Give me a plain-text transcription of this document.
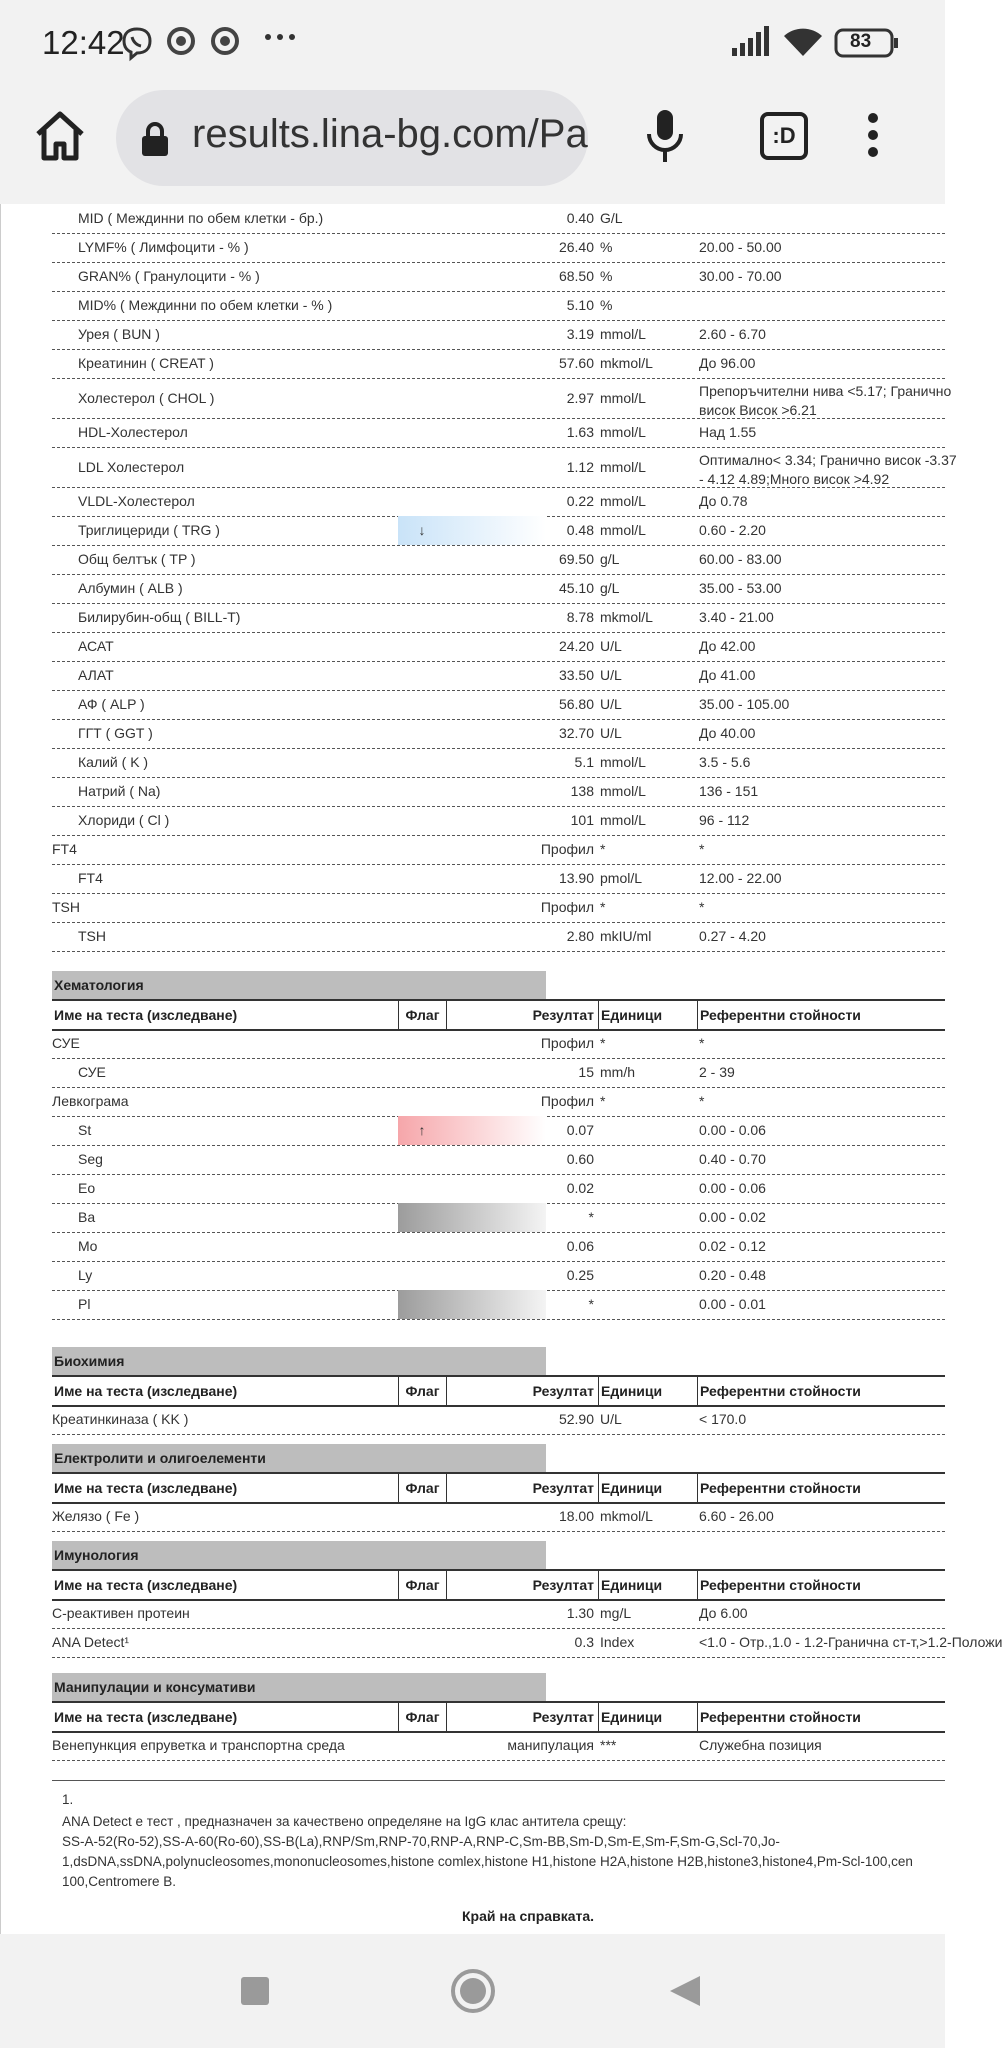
12:42	83
results.lina-bg.com/Pa	:D
MID ( Междинни по обем клетки - бр.)	0.40 G/L
LYMF% ( Лимфоцити - % )	26.40 %	20.00 - 50.00
GRAN% ( Гранулоцити - % )	68.50 %	30.00 - 70.00
MID% ( Междинни по обем клетки - % )	5.10 %
Урея ( BUN )	3.19 mmol/L	2.60 - 6.70
Креатинин ( CREAT )	57.60 mkmol/L	До 96.00
Холестерол ( CHOL )	2.97 mmol/L	Препоръчителни нива <5.17; Гранично висок Висок >6.21
HDL-Холестерол	1.63 mmol/L	Над 1.55
LDL Холестерол	1.12 mmol/L	Оптимално< 3.34; Гранично висок -3.37 - 4.12 4.89;Много висок >4.92
VLDL-Холестерол	0.22 mmol/L	До 0.78
Триглицериди ( TRG )	↓	0.48 mmol/L	0.60 - 2.20
Общ белтък ( TP )	69.50 g/L	60.00 - 83.00
Албумин ( ALB )	45.10 g/L	35.00 - 53.00
Билирубин-общ ( BILL-T)	8.78 mkmol/L	3.40 - 21.00
АСАТ	24.20 U/L	До 42.00
АЛАТ	33.50 U/L	До 41.00
АФ ( ALP )	56.80 U/L	35.00 - 105.00
ГГТ ( GGT )	32.70 U/L	До 40.00
Калий ( K )	5.1 mmol/L	3.5 - 5.6
Натрий ( Na)	138 mmol/L	136 - 151
Хлориди ( Cl )	101 mmol/L	96 - 112
FT4	Профил *	*
FT4	13.90 pmol/L	12.00 - 22.00
TSH	Профил *	*
TSH	2.80 mkIU/ml	0.27 - 4.20
Хематология
Име на теста (изследване)	Флаг	Резултат Единици	Референтни стойности
СУЕ	Профил *	*
СУЕ	15 mm/h	2 - 39
Левкограма	Профил *	*
St	↑	0.07	0.00 - 0.06
Seg	0.60	0.40 - 0.70
Eo	0.02	0.00 - 0.06
Ba	*	0.00 - 0.02
Mo	0.06	0.02 - 0.12
Ly	0.25	0.20 - 0.48
Pl	*	0.00 - 0.01
Биохимия
Име на теста (изследване)	Флаг	Резултат Единици	Референтни стойности
Креатинкиназа ( KK )	52.90 U/L	< 170.0
Електролити и олигоелементи
Име на теста (изследване)	Флаг	Резултат Единици	Референтни стойности
Желязо ( Fe )	18.00 mkmol/L	6.60 - 26.00
Имунология
Име на теста (изследване)	Флаг	Резултат Единици	Референтни стойности
C-реактивен протеин	1.30 mg/L	До 6.00
ANA Detect¹	0.3 Index	<1.0 - Отр.,1.0 - 1.2-Гранична ст-т,>1.2-Положи
Манипулации и консумативи
Име на теста (изследване)	Флаг	Резултат Единици	Референтни стойности
Венепункция епруветка и транспортна среда	манипулация ***	Служебна позиция
1.
ANA Detect е тест , предназначен за качествено определяне на IgG клас антитела срещу:
SS-A-52(Ro-52),SS-A-60(Ro-60),SS-B(La),RNP/Sm,RNP-70,RNP-A,RNP-C,Sm-BB,Sm-D,Sm-E,Sm-F,Sm-G,Scl-70,Jo-
1,dsDNA,ssDNA,polynucleosomes,mononucleosomes,histone comlex,histone H1,histone H2A,histone H2B,histone3,histone4,Pm-Scl-100,cen
100,Centromere B.
Край на справката.
